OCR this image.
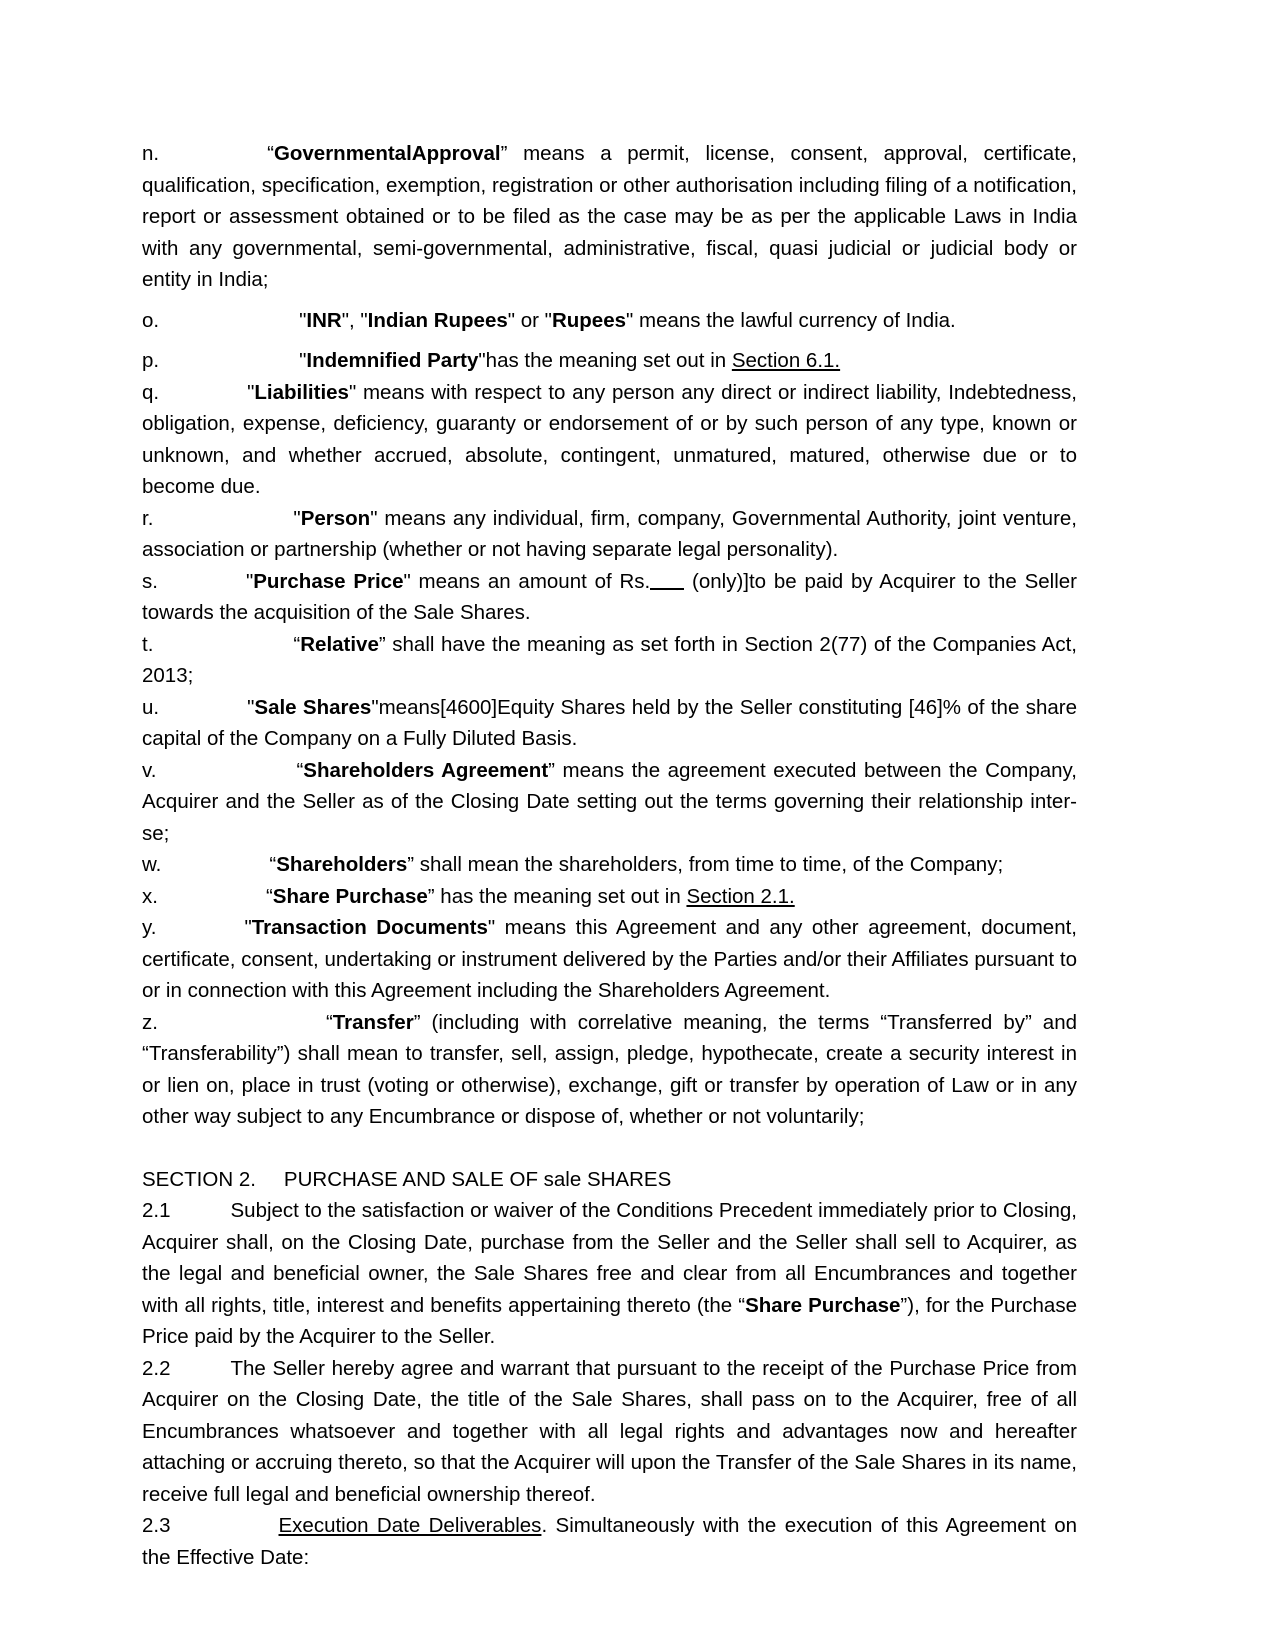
n.	“GovernmentalApproval” means a permit, license, consent, approval, certificate, qualification, specification, exemption, registration or other authorisation including filing of a notification, report or assessment obtained or to be filed as the case may be as per the applicable Laws in India with any governmental, semi-governmental, administrative, fiscal, quasi judicial or judicial body or entity in India;

o.	"INR", "Indian Rupees" or "Rupees" means the lawful currency of India.

p.	"Indemnified Party"has the meaning set out in Section 6.1.

q.	"Liabilities" means with respect to any person any direct or indirect liability, Indebtedness, obligation, expense, deficiency, guaranty or endorsement of or by such person of any type, known or unknown, and whether accrued, absolute, contingent, unmatured, matured, otherwise due or to become due.

r.	"Person" means any individual, firm, company, Governmental Authority, joint venture, association or partnership (whether or not having separate legal personality).

s.	"Purchase Price" means an amount of Rs. (only)]to be paid by Acquirer to the Seller towards the acquisition of the Sale Shares.

t.	“Relative” shall have the meaning as set forth in Section 2(77) of the Companies Act, 2013;

u.	"Sale Shares"means[4600]Equity Shares held by the Seller constituting [46]% of the share capital of the Company on a Fully Diluted Basis.

v.	“Shareholders Agreement” means the agreement executed between the Company, Acquirer and the Seller as of the Closing Date setting out the terms governing their relationship inter-se;

w.	“Shareholders” shall mean the shareholders, from time to time, of the Company;

x.	“Share Purchase” has the meaning set out in Section 2.1.

y.	"Transaction Documents" means this Agreement and any other agreement, document, certificate, consent, undertaking or instrument delivered by the Parties and/or their Affiliates pursuant to or in connection with this Agreement including the Shareholders Agreement.

z.	“Transfer” (including with correlative meaning, the terms “Transferred by” and “Transferability”) shall mean to transfer, sell, assign, pledge, hypothecate, create a security interest in or lien on, place in trust (voting or otherwise), exchange, gift or transfer by operation of Law or in any other way subject to any Encumbrance or dispose of, whether or not voluntarily;

SECTION 2. PURCHASE AND SALE OF sale SHARES

2.1	Subject to the satisfaction or waiver of the Conditions Precedent immediately prior to Closing, Acquirer shall, on the Closing Date, purchase from the Seller and the Seller shall sell to Acquirer, as the legal and beneficial owner, the Sale Shares free and clear from all Encumbrances and together with all rights, title, interest and benefits appertaining thereto (the “Share Purchase”), for the Purchase Price paid by the Acquirer to the Seller.

2.2	The Seller hereby agree and warrant that pursuant to the receipt of the Purchase Price from Acquirer on the Closing Date, the title of the Sale Shares, shall pass on to the Acquirer, free of all Encumbrances whatsoever and together with all legal rights and advantages now and hereafter attaching or accruing thereto, so that the Acquirer will upon the Transfer of the Sale Shares in its name, receive full legal and beneficial ownership thereof.

2.3	Execution Date Deliverables. Simultaneously with the execution of this Agreement on the Effective Date:
